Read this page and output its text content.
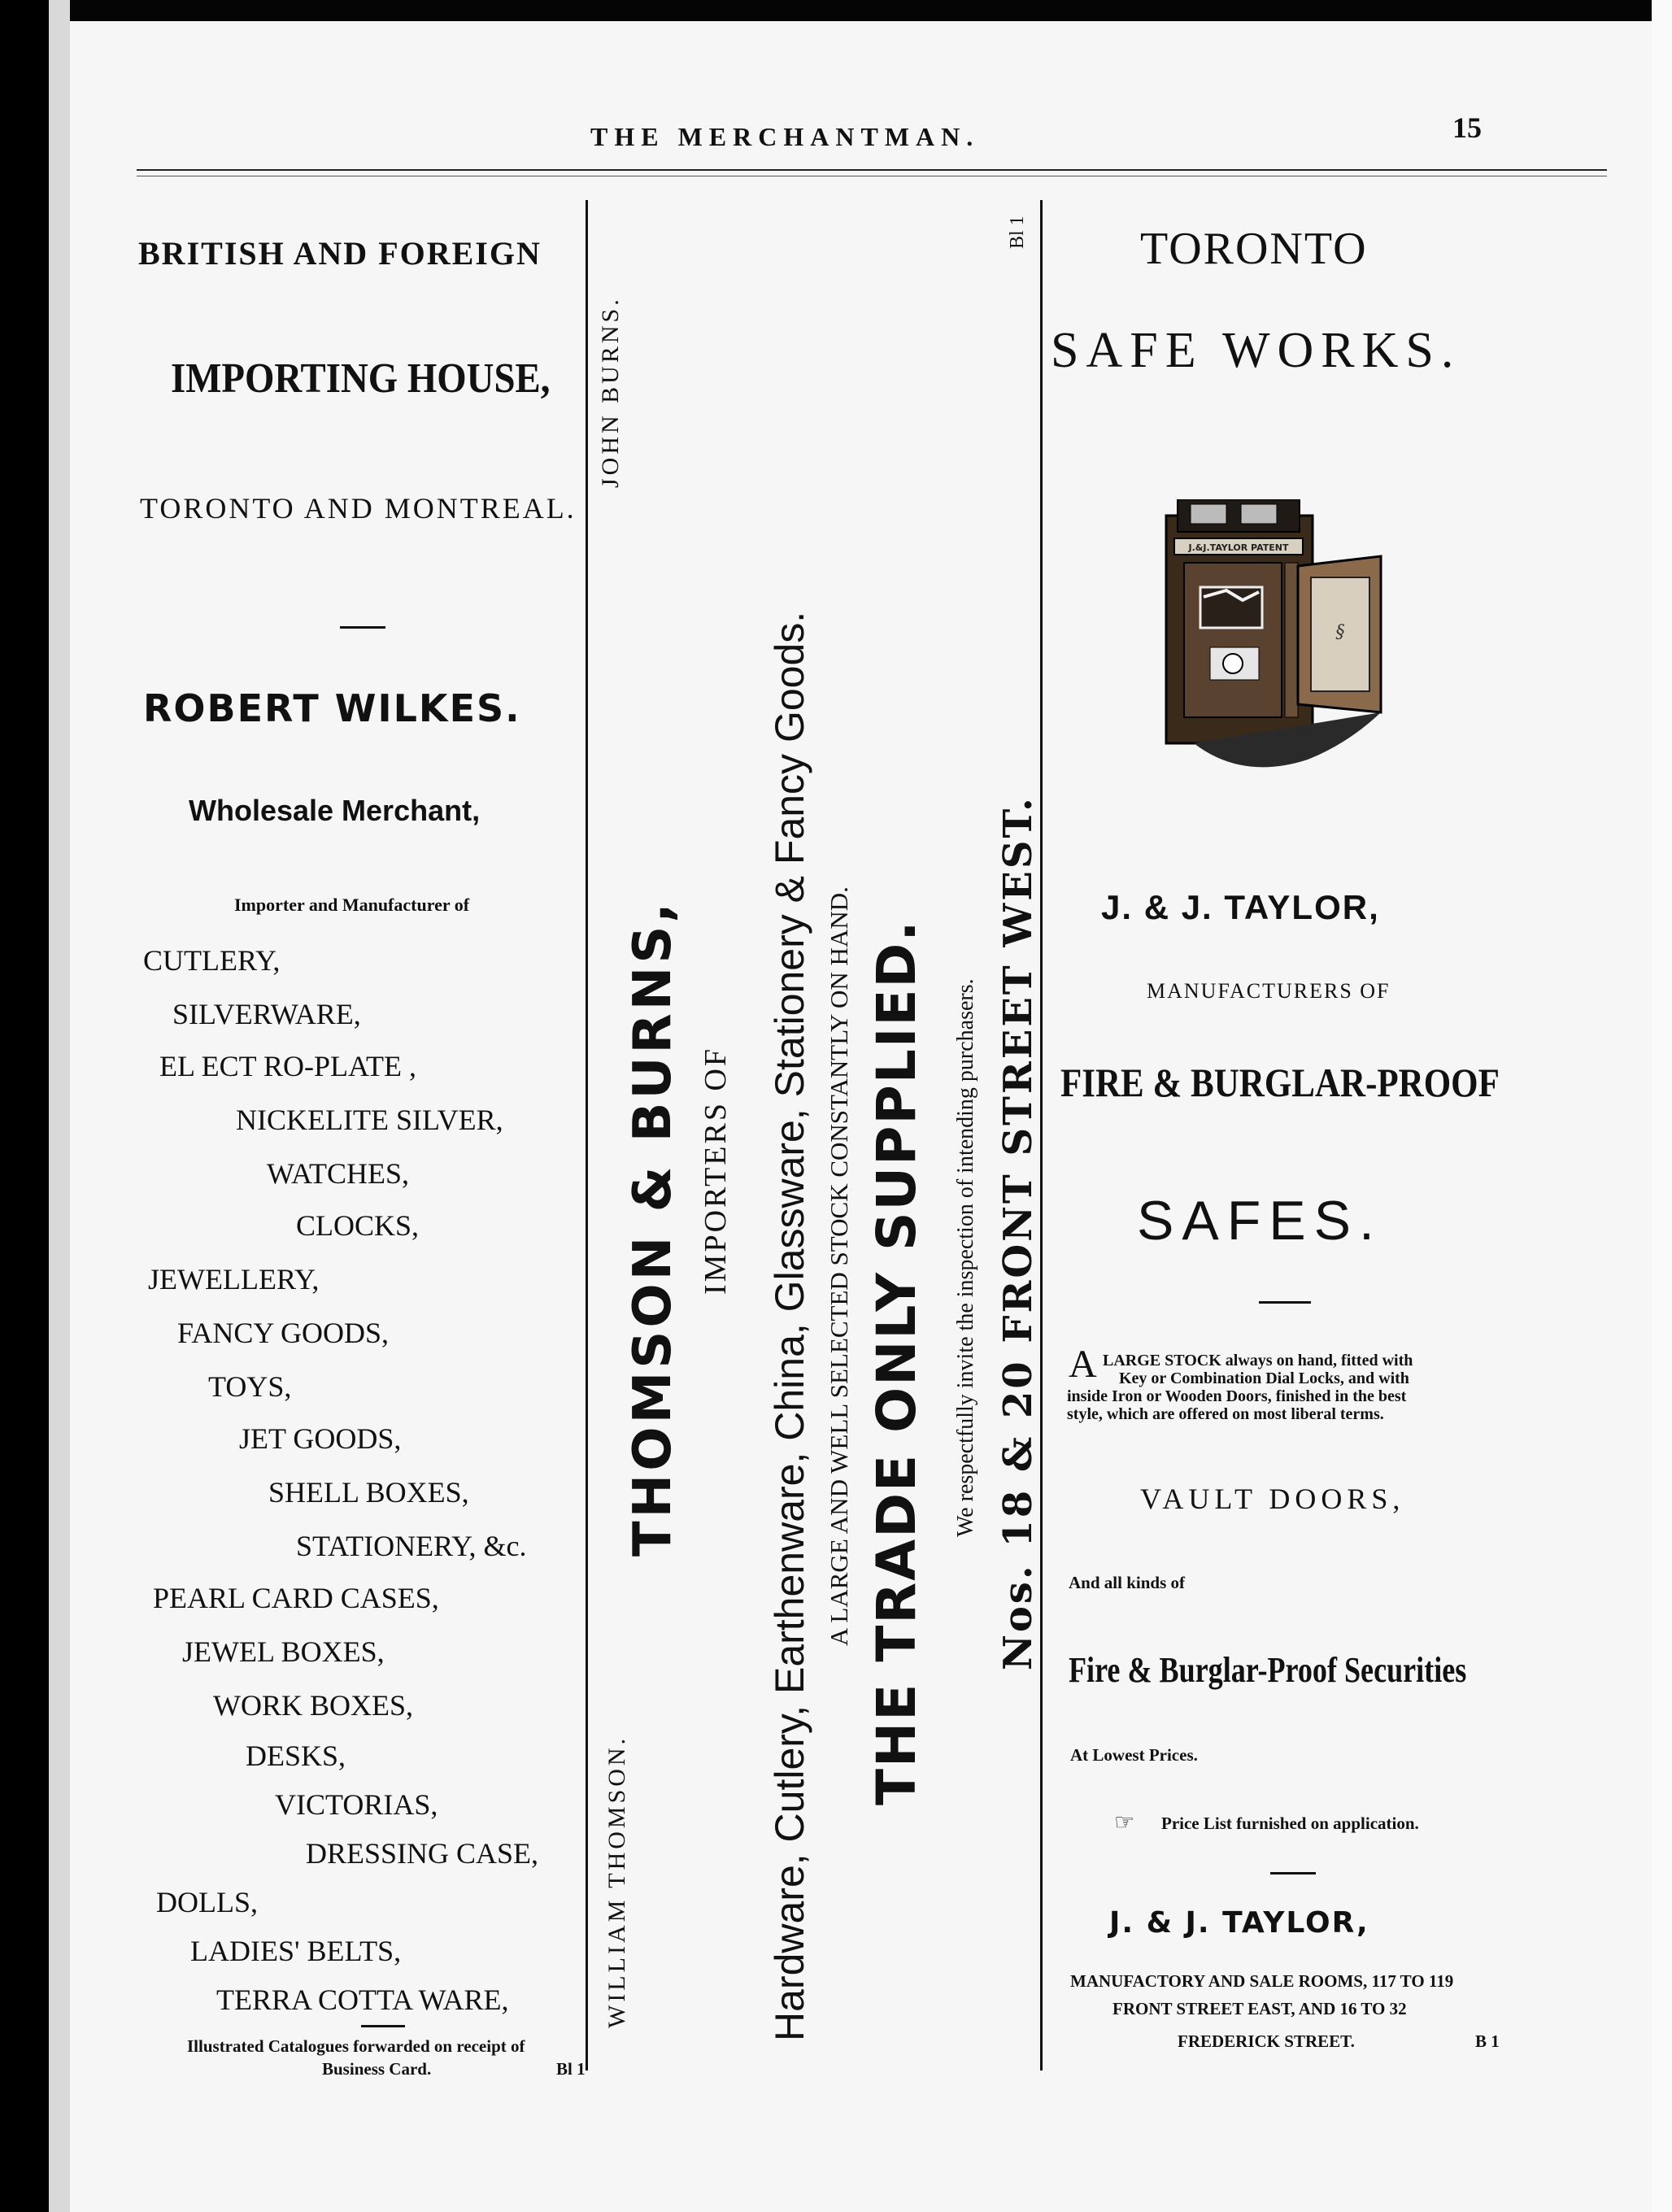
THE MERCHANTMAN.	15
BRITISH AND FOREIGN
IMPORTING HOUSE,
TORONTO AND MONTREAL.
ROBERT WILKES.
Wholesale Merchant,
Importer and Manufacturer of
CUTLERY,
SILVERWARE,
EL ECT RO-PLATE ,
NICKELITE SILVER,
WATCHES,
CLOCKS,
JEWELLERY,
FANCY GOODS,
TOYS,
JET GOODS,
SHELL BOXES,
STATIONERY, &c.
PEARL CARD CASES,
JEWEL BOXES,
WORK BOXES,
DESKS,
VICTORIAS,
DRESSING CASE,
DOLLS,
LADIES' BELTS,
TERRA COTTA WARE,
Illustrated Catalogues forwarded on receipt of
Business Card.	Bl 1
JOHN BURNS.
WILLIAM THOMSON.
THOMSON & BURNS, IMPORTERS OF Hardware, Cutlery, Earthenware, China, Glassware, Stationery & Fancy Goods. A LARGE AND WELL SELECTED STOCK CONSTANTLY ON HAND. THE TRADE ONLY SUPPLIED. We respectfully invite the inspection of intending purchasers. Nos. 18 & 20 FRONT STREET WEST.
Bl 1 TORONTO
SAFE WORKS.
J.&J.TAYLOR PATENT
§
J. & J. TAYLOR,
MANUFACTURERS OF
FIRE & BURGLAR-PROOF
SAFES.
A LARGE STOCK always on hand, fitted with
Key or Combination Dial Locks, and with
inside Iron or Wooden Doors, finished in the best
style, which are offered on most liberal terms.
VAULT DOORS,
And all kinds of
Fire & Burglar-Proof Securities
At Lowest Prices.
☞ Price List furnished on application.
J. & J. TAYLOR,
MANUFACTORY AND SALE ROOMS, 117 TO 119
FRONT STREET EAST, AND 16 TO 32
FREDERICK STREET.	B 1
